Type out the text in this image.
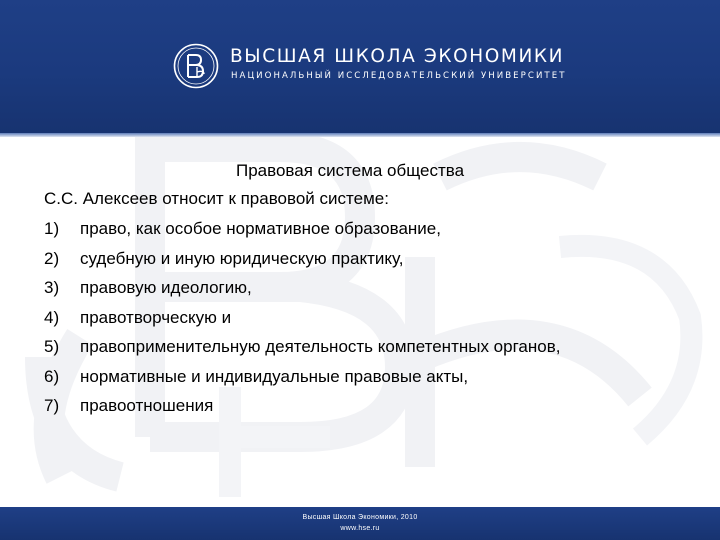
ВЫСШАЯ ШКОЛА ЭКОНОМИКИ
НАЦИОНАЛЬНЫЙ ИССЛЕДОВАТЕЛЬСКИЙ УНИВЕРСИТЕТ
Правовая система общества
С.С. Алексеев относит к правовой системе:
1) право, как особое нормативное образование,
2) судебную и иную юридическую практику,
3) правовую идеологию,
4) правотворческую и
5) правоприменительную деятельность компетентных органов,
6) нормативные и индивидуальные правовые акты,
7) правоотношения
Высшая Школа Экономики, 2010
www.hse.ru
